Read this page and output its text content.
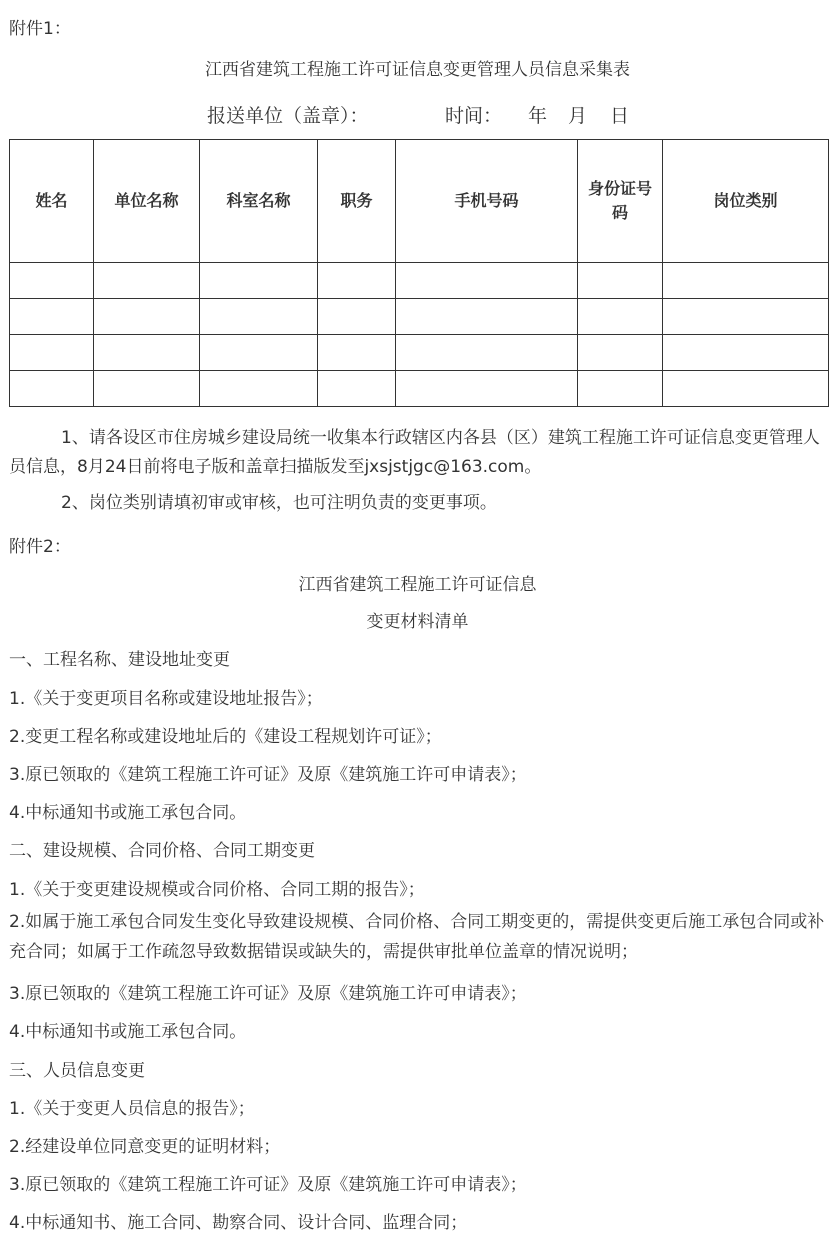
附件1：
江西省建筑工程施工许可证信息变更管理人员信息采集表
报送单位（盖章）：	时间： 年 月 日
姓名	单位名称	科室名称	职务	手机号码	身份证号码	岗位类别

1、请各设区市住房城乡建设局统一收集本行政辖区内各县（区）建筑工程施工许可证信息变更管理人员信息，8月24日前将电子版和盖章扫描版发至jxsjstjgc@163.com。
2、岗位类别请填初审或审核，也可注明负责的变更事项。
附件2：
江西省建筑工程施工许可证信息
变更材料清单
一、工程名称、建设地址变更
1.《关于变更项目名称或建设地址报告》；
2.变更工程名称或建设地址后的《建设工程规划许可证》；
3.原已领取的《建筑工程施工许可证》及原《建筑施工许可申请表》；
4.中标通知书或施工承包合同。
二、建设规模、合同价格、合同工期变更
1.《关于变更建设规模或合同价格、合同工期的报告》；
2.如属于施工承包合同发生变化导致建设规模、合同价格、合同工期变更的，需提供变更后施工承包合同或补充合同；如属于工作疏忽导致数据错误或缺失的，需提供审批单位盖章的情况说明；
3.原已领取的《建筑工程施工许可证》及原《建筑施工许可申请表》；
4.中标通知书或施工承包合同。
三、人员信息变更
1.《关于变更人员信息的报告》；
2.经建设单位同意变更的证明材料；
3.原已领取的《建筑工程施工许可证》及原《建筑施工许可申请表》；
4.中标通知书、施工合同、勘察合同、设计合同、监理合同；
